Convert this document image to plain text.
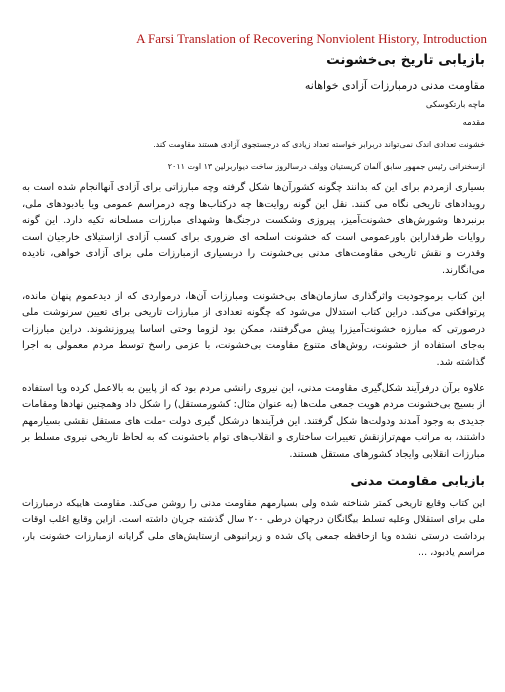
A Farsi Translation of Recovering Nonviolent History, Introduction
بازیابی تاریخ بی‌خشونت
مقاومت مدنی درمبارزات آزادی خواهانه
ماچه بارتکوسکی
مقدمه
خشونت تعدادی اندک نمی‌تواند دربرابر خواسته تعداد زیادی که درجستجوی آزادی هستند مقاومت کند.
ازسخنرانی رئیس جمهور سابق آلمان کریستیان وولف درسالروز ساخت دیواربرلین ۱۳ اوت ۲۰۱۱

بسیاری ازمردم برای این که بدانند چگونه کشورآن‌ها شکل گرفته وچه مبارزاتی برای آزادی آنهاانجام شده است به رویدادهای تاریخی نگاه می کنند. نقل این گونه روایت‌ها چه درکتاب‌ها وچه درمراسم عمومی ویا یادبودهای ملی، برنبردها وشورش‌های خشونت‌آمیز، پیروزی وشکست درجنگ‌ها وشهدای مبارزات مسلحانه تکیه دارد. این گونه روایات طرفداراین باورعمومی است که خشونت اسلحه ای ضروری برای کسب آزادی ازاستیلای خارجیان است وقدرت و نقش تاریخی مقاومت‌های مدنی بی‌خشونت را دربسیاری ازمبارزات ملی برای آزادی خواهی، نادیده می‌انگارند.

این کتاب برموجودیت واثرگذاری سازمان‌های بی‌خشونت ومبارزات آن‌ها، درمواردی که از دیدعموم پنهان مانده، پرتوافکنی می‌کند. دراین کتاب استدلال می‌شود که چگونه تعدادی از مبارزات تاریخی برای تعیین سرنوشت ملی درصورتی که مبارزه خشونت‌آمیزرا پیش می‌گرفتند، ممکن بود لزوما وحتی اساسا پیروزنشوند. دراین مبارزات به‌جای استفاده از خشونت، روش‌های متنوع مقاومت بی‌خشونت، با عزمی راسخ توسط مردم معمولی به اجرا گذاشته شد.

علاوه برآن درفرآیند شکل‌گیری مقاومت مدنی، این نیروی رانشی مردم بود که از پایین به بالاعمل کرده ویا استفاده از بسیج بی‌خشونت مردم هویت جمعی ملت‌ها (به عنوان مثال: کشورمستقل) را شکل داد وهمچنین نهادها ومقامات جدیدی به وجود آمدند ودولت‌ها شکل گرفتند. این فرآیندها درشکل گیری دولت -ملت های مستقل نقشی بسیارمهم داشتند، به مراتب مهم‌ترازنقش تغییرات ساختاری و انقلاب‌های توام باخشونت که به لحاظ تاریخی نیروی مسلط بر مبارزات انقلابی وایجاد کشورهای مستقل هستند.

بازیابی مقاومت مدنی

این کتاب وقایع تاریخی کمتر شناخته شده ولی بسیارمهم مقاومت مدنی را روشن می‌کند. مقاومت هاییکه درمبارزات ملی برای استقلال وعلیه تسلط بیگانگان درجهان درطی ۲۰۰ سال گذشته جریان داشته است. ازاین وقایع اغلب اوقات برداشت درستی نشده ویا ازحافظه جمعی پاک شده و زیرانبوهی ازستایش‌های ملی گرایانه ازمبارزات خشونت بار، مراسم یادبود، ...
